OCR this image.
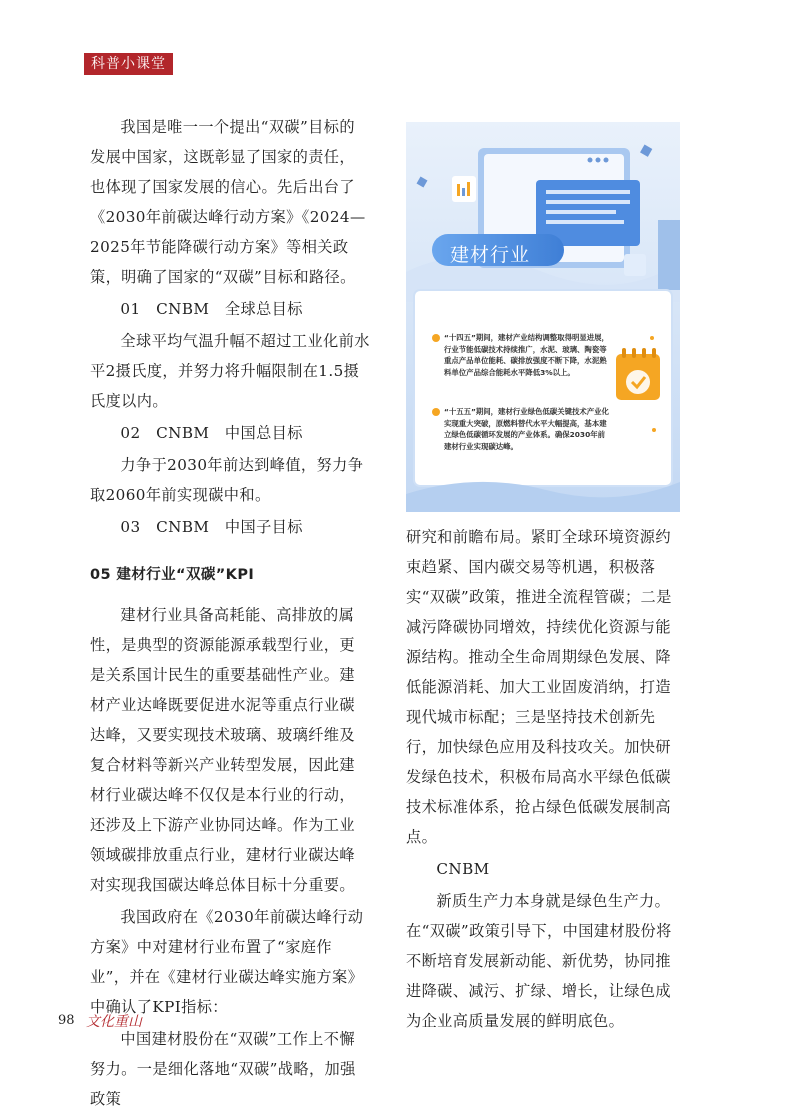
科普小课堂

我国是唯一一个提出“双碳”目标的发展中国家，这既彰显了国家的责任，也体现了国家发展的信心。先后出台了《2030年前碳达峰行动方案》《2024—2025年节能降碳行动方案》等相关政策，明确了国家的“双碳”目标和路径。

01　CNBM　全球总目标

全球平均气温升幅不超过工业化前水平2摄氏度，并努力将升幅限制在1.5摄氏度以内。

02　CNBM　中国总目标

力争于2030年前达到峰值，努力争取2060年前实现碳中和。

03　CNBM　中国子目标

05 建材行业“双碳”KPI

建材行业具备高耗能、高排放的属性，是典型的资源能源承载型行业，更是关系国计民生的重要基础性产业。建材产业达峰既要促进水泥等重点行业碳达峰，又要实现技术玻璃、玻璃纤维及复合材料等新兴产业转型发展，因此建材行业碳达峰不仅仅是本行业的行动，还涉及上下游产业协同达峰。作为工业领域碳排放重点行业，建材行业碳达峰对实现我国碳达峰总体目标十分重要。

我国政府在《2030年前碳达峰行动方案》中对建材行业布置了“家庭作业”，并在《建材行业碳达峰实施方案》中确认了KPI指标：

中国建材股份在“双碳”工作上不懈努力。一是细化落地“双碳”战略，加强政策

建材行业
“十四五”期间，建材产业结构调整取得明显进展，行业节能低碳技术持续推广，水泥、玻璃、陶瓷等重点产品单位能耗、碳排放强度不断下降，水泥熟料单位产品综合能耗水平降低3%以上。
“十五五”期间，建材行业绿色低碳关键技术产业化实现重大突破，原燃料替代水平大幅提高，基本建立绿色低碳循环发展的产业体系。确保2030年前建材行业实现碳达峰。

研究和前瞻布局。紧盯全球环境资源约束趋紧、国内碳交易等机遇，积极落实“双碳”政策，推进全流程管碳；二是减污降碳协同增效，持续优化资源与能源结构。推动全生命周期绿色发展、降低能源消耗、加大工业固废消纳，打造现代城市标配；三是坚持技术创新先行，加快绿色应用及科技攻关。加快研发绿色技术，积极布局高水平绿色低碳技术标准体系，抢占绿色低碳发展制高点。

CNBM

新质生产力本身就是绿色生产力。在“双碳”政策引导下，中国建材股份将不断培育发展新动能、新优势，协同推进降碳、减污、扩绿、增长，让绿色成为企业高质量发展的鲜明底色。

98 文化重山
